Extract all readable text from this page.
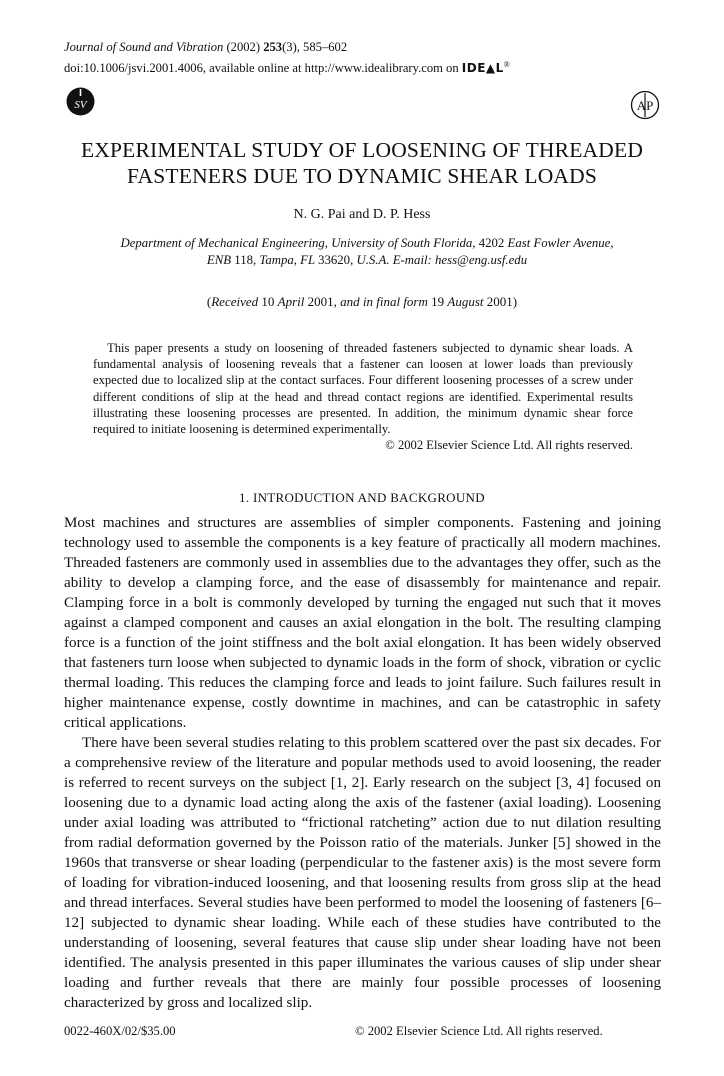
Journal of Sound and Vibration (2002) 253(3), 585–602
doi:10.1006/jsvi.2001.4006, available online at http://www.idealibrary.com on IDE▲L®
SV	AP
EXPERIMENTAL STUDY OF LOOSENING OF THREADED FASTENERS DUE TO DYNAMIC SHEAR LOADS
N. G. Pai and D. P. Hess
Department of Mechanical Engineering, University of South Florida, 4202 East Fowler Avenue,
ENB 118, Tampa, FL 33620, U.S.A. E-mail: hess@eng.usf.edu
(Received 10 April 2001, and in final form 19 August 2001)

This paper presents a study on loosening of threaded fasteners subjected to dynamic shear loads. A fundamental analysis of loosening reveals that a fastener can loosen at lower loads than previously expected due to localized slip at the contact surfaces. Four different loosening processes of a screw under different conditions of slip at the head and thread contact regions are identified. Experimental results illustrating these loosening processes are presented. In addition, the minimum dynamic shear force required to initiate loosening is determined experimentally.

© 2002 Elsevier Science Ltd. All rights reserved.
1. INTRODUCTION AND BACKGROUND

Most machines and structures are assemblies of simpler components. Fastening and joining technology used to assemble the components is a key feature of practically all modern machines. Threaded fasteners are commonly used in assemblies due to the advantages they offer, such as the ability to develop a clamping force, and the ease of disassembly for maintenance and repair. Clamping force in a bolt is commonly developed by turning the engaged nut such that it moves against a clamped component and causes an axial elongation in the bolt. The resulting clamping force is a function of the joint stiffness and the bolt axial elongation. It has been widely observed that fasteners turn loose when subjected to dynamic loads in the form of shock, vibration or cyclic thermal loading. This reduces the clamping force and leads to joint failure. Such failures result in higher maintenance expense, costly downtime in machines, and can be catastrophic in safety critical applications.

There have been several studies relating to this problem scattered over the past six decades. For a comprehensive review of the literature and popular methods used to avoid loosening, the reader is referred to recent surveys on the subject [1, 2]. Early research on the subject [3, 4] focused on loosening due to a dynamic load acting along the axis of the fastener (axial loading). Loosening under axial loading was attributed to “frictional ratcheting” action due to nut dilation resulting from radial deformation governed by the Poisson ratio of the materials. Junker [5] showed in the 1960s that transverse or shear loading (perpendicular to the fastener axis) is the most severe form of loading for vibration-induced loosening, and that loosening results from gross slip at the head and thread interfaces. Several studies have been performed to model the loosening of fasteners [6–12] subjected to dynamic shear loading. While each of these studies have contributed to the understanding of loosening, several features that cause slip under shear loading have not been identified. The analysis presented in this paper illuminates the various causes of slip under shear loading and further reveals that there are mainly four possible processes of loosening characterized by gross and localized slip.

0022-460X/02/$35.00	© 2002 Elsevier Science Ltd. All rights reserved.
